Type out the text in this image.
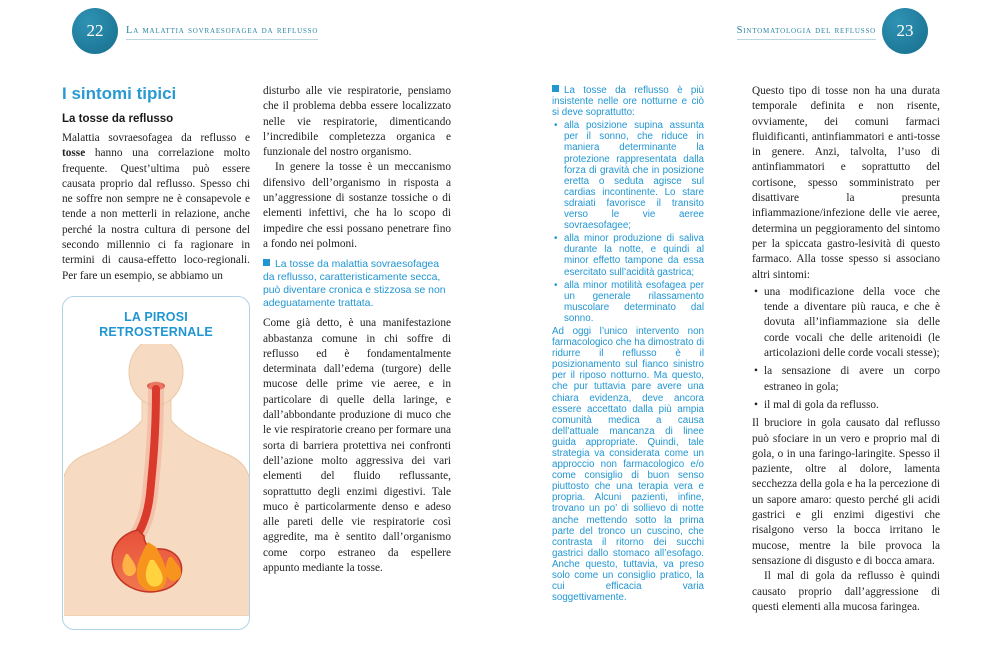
22 La malattia sovraesofagea da reflusso
I sintomi tipici
La tosse da reflusso

Malattia sovraesofagea da reflusso e tosse hanno una correlazione molto frequente. Quest’ultima può essere causata proprio dal reflusso. Spesso chi ne soffre non sempre ne è consapevole e tende a non metterli in relazione, anche perché la nostra cultura di persone del secondo millennio ci fa ragionare in termini di causa-effetto loco-regionali. Per fare un esempio, se abbiamo un

LA PIROSI
RETROSTERNALE

disturbo alle vie respiratorie, pensiamo che il problema debba essere localizzato nelle vie respiratorie, dimenticando l’incredibile completezza organica e funzionale del nostro organismo.

In genere la tosse è un meccanismo difensivo dell’organismo in risposta a un’aggressione di sostanze tossiche o di elementi infettivi, che ha lo scopo di impedire che essi possano penetrare fino a fondo nei polmoni.

La tosse da malattia sovraesofagea da reflusso, caratteristicamente secca, può diventare cronica e stizzosa se non adeguatamente trattata.

Come già detto, è una manifestazione abbastanza comune in chi soffre di reflusso ed è fondamentalmente determinata dall’edema (turgore) delle mucose delle prime vie aeree, e in particolare di quelle della laringe, e dall’abbondante produzione di muco che le vie respiratorie creano per formare una sorta di barriera protettiva nei confronti dell’azione molto aggressiva dei vari elementi del fluido reflussante, soprattutto degli enzimi digestivi. Tale muco è particolarmente denso e adeso alle pareti delle vie respiratorie così aggredite, ma è sentito dall’organismo come corpo estraneo da espellere appunto mediante la tosse.

Sintomatologia del reflusso 23

La tosse da reflusso è più insistente nelle ore notturne e ciò si deve soprattutto:

• alla posizione supina assunta per il sonno, che riduce in maniera determinante la protezione rappresentata dalla forza di gravità che in posizione eretta o seduta agisce sul cardias incontinente. Lo stare sdraiati favorisce il transito verso le vie aeree sovraesofagee;
• alla minor produzione di saliva durante la notte, e quindi al minor effetto tampone da essa esercitato sull’acidità gastrica;
• alla minor motilità esofagea per un generale rilassamento muscolare determinato dal sonno.

Ad oggi l’unico intervento non farmacologico che ha dimostrato di ridurre il reflusso è il posizionamento sul fianco sinistro per il riposo notturno. Ma questo, che pur tuttavia pare avere una chiara evidenza, deve ancora essere accettato dalla più ampia comunità medica a causa dell’attuale mancanza di linee guida appropriate. Quindi, tale strategia va considerata come un approccio non farmacologico e/o come consiglio di buon senso piuttosto che una terapia vera e propria. Alcuni pazienti, infine, trovano un po’ di sollievo di notte anche mettendo sotto la prima parte del tronco un cuscino, che contrasta il ritorno dei succhi gastrici dallo stomaco all’esofago. Anche questo, tuttavia, va preso solo come un consiglio pratico, la cui efficacia varia soggettivamente.

Questo tipo di tosse non ha una durata temporale definita e non risente, ovviamente, dei comuni farmaci fluidificanti, antinfiammatori e anti-tosse in genere. Anzi, talvolta, l’uso di antinfiammatori e soprattutto del cortisone, spesso somministrato per disattivare la presunta infiammazione/infezione delle vie aeree, determina un peggioramento del sintomo per la spiccata gastro-lesività di questo farmaco. Alla tosse spesso si associano altri sintomi:

• una modificazione della voce che tende a diventare più rauca, e che è dovuta all’infiammazione sia delle corde vocali che delle aritenoidi (le articolazioni delle corde vocali stesse);
• la sensazione di avere un corpo estraneo in gola;
• il mal di gola da reflusso.

Il bruciore in gola causato dal reflusso può sfociare in un vero e proprio mal di gola, o in una faringo-laringite. Spesso il paziente, oltre al dolore, lamenta secchezza della gola e ha la percezione di un sapore amaro: questo perché gli acidi gastrici e gli enzimi digestivi che risalgono verso la bocca irritano le mucose, mentre la bile provoca la sensazione di disgusto e di bocca amara.

Il mal di gola da reflusso è quindi causato proprio dall’aggressione di questi elementi alla mucosa faringea.
